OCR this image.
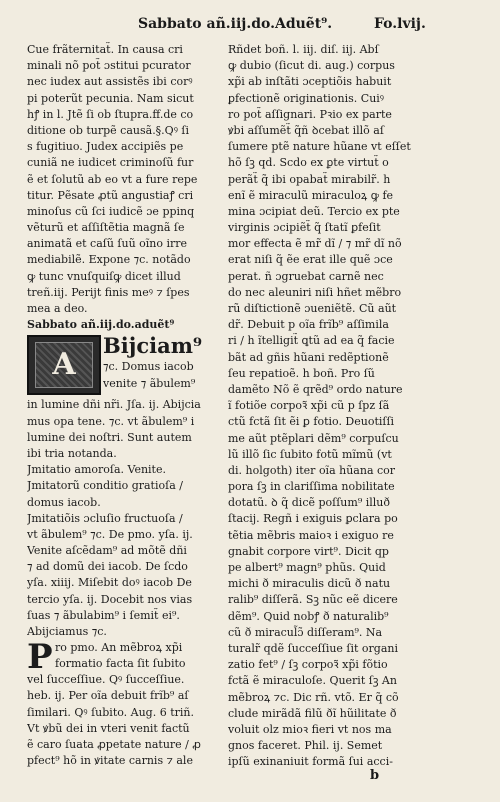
Sabbato añ.iij.do.Aduẽt⁹.	Fo.lvij.
Cue frãternitat̃. In causa cri
minali nõ pot̃ ɔstitui pcurator
nec iudex aut assistẽs ibi corꝰ
pi poterũt pecunia. Nam sicut
hꝭ in l. Jtẽ ſi ob ſtupra.ff.de co
ditione ob turpẽ causã.§.Qꝰ ſi
s fugitiuo. Judex accipiẽs pe
cuniã ne iudicet criminoſũ fur
ẽ et ſolutũ ab eo vt a fure repe
titur. Pẽsate ꝓtũ angustiaꝭ cri
minoſus cũ ſci iudicẽ ɔe ppinq
vẽturũ et aſſiſtẽtia magnã ſe
animatã et caſũ ſuũ oĩno irre
mediabilẽ. Expone ⁊c. notãdo
ꝙ tunc vnuſquiſꝙ dicet illud
treñ.iij. Perijt finis meꝰ ⁊ ſpes
mea a deo.
Sabbato añ.iij.do.aduẽt⁹
A
Bijciam⁹
⁊c. Domus iacob
venite ⁊ ãbulem⁹
in lumine dñi nr̃i. Jſa. ij. Abijcia
mus opa tene. ⁊c. vt ãbulem⁹ i
lumine dei noſtri. Sunt autem
ibi tria notanda.
Jmitatio amoroſa. Venite.
Jmitatorũ conditio gratioſa /
domus iacob.
Jmitatiõis ɔcluſio fructuoſa /
vt ãbulem⁹ ⁊c. De pmo. yſa. ij.
Venite aſcẽdam⁹ ad mõtẽ dñi
⁊ ad domũ dei iacob. De ſcdo
yſa. xiiij. Miſebit doꝰ iacob De
tercio yſa. ij. Docebit nos vias
ſuas ⁊ ãbulabim⁹ i ſemit̃ ei⁹.
Abijciamus ⁊c.
P ro pmo. An mẽbroꝝ xp̃i
formatio facta ſit ſubito
vel ſucceſſiue. Qꝰ ſucceſſiue.
heb. ij. Per oĩa debuit frĩb⁹ aſ
ſimilari. Qꝰ ſubito. Aug. 6 triñ.
Vt ꝟbũ dei in vteri venit factũ
ẽ caro ſuata ꝓpetate nature / ꝓ
pfect⁹ hõ in ꝟitate carnis ⁊ ale
Rñdet boñ. l. iij. diſ. iij. Abſ
ꝙ dubio (ſicut di. aug.) corpus
xp̃i ab inſtãti ɔceptiõis habuit
ꝑfectionẽ originationis. Cuiꝰ
ro pot̃ aſſignari. Pꝛio ex parte
ꝟbi aſſumẽt̃ q̃ñ ꝺcebat illõ aſ
ſumere ptẽ nature hũane vt eſſet
hõ ſꝫ qd. Scdo ex ꝑte virtut̃ o
perãt̃ q̃ ibi opabat̃ mirabilr̃. h
enĩ ẽ miraculũ miraculoꝝ ꝙ fe
mina ɔcipiat deũ. Tercio ex pte
virginis ɔcipiẽt̃ q̃ ſtatĩ ꝑfeſit
mor effecta ẽ mr̃ dĩ / ⁊ mr̃ dĩ nõ
erat niſi q̃ ẽe erat ille quẽ ɔce
perat. ñ ɔgruebat carnẽ nec
do nec aleuniri niſi hñet mẽbro
rũ diſtictionẽ ɔueniẽtẽ. Cũ aũt
dr̃. Debuit p oĩa frĩb⁹ aſſimila
ri / h ĩtelligit̃ ꝗtũ ad ea q̃ facie
bãt ad gñis hũani redẽptionẽ
ſeu repatioẽ. h boñ. Pro ſũ
damẽto Nõ ẽ qrẽd⁹ ordo nature
ĩ fotiõe corpoꝛ̃ xp̃i cũ p ſpz ſã
ctũ fctã ſit ẽi ꝑ fotio. Deuotiſſi
me aũt ptẽplari dẽm⁹ corpuſcu
lũ illõ ſic ſubito fotũ mĩmũ (vt
di. holgoth) iter oĩa hũana cor
pora ſꝫ in clariſſima nobilitate
dotatũ. ꝺ q̃ dicẽ poſſum⁹ illuð
ſtacij. Regñ i exiguis ꝑclara po
tẽtia mẽbris maioꝛ i exiguo re
gnabit corpore virt⁹. Dicit qp
pe albert⁹ magn⁹ phũs. Quid
michi ð miraculis dicũ ð natu
ralib⁹ diſſerã. Sꝫ nũc eẽ dicere
dẽm⁹. Quid nobꝭ ð naturalib⁹
cũ ð miracul̃ɔ̃ diſſeram⁹. Na
turalr̃ qdẽ ſucceſſiue ſit organi
zatio fet⁹ / ſꝫ corpoꝛ̃ xp̃i fõtio
fctã ẽ miraculoſe. Querit ſꝫ An
mẽbroꝝ ⁊c. Dic rñ. vtõ. Er q̃ cõ
clude mirãdã filũ ðĩ hũilitate ð
voluit olz mioꝛ fieri vt nos ma
gnos faceret. Phil. ij. Semet
ipſũ exinaniuit formã ſui acci-
b
